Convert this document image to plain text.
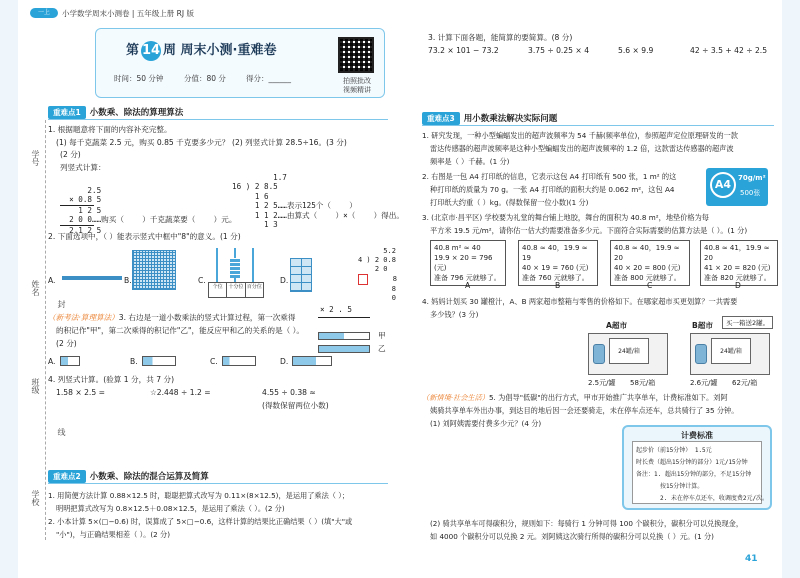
一上	小学数学周末小测卷 | 五年级上册 RJ 版
学号
姓名
封
班级
线
学校
第 14 周 周末小测·重难卷
时间：50 分钟	分值：80 分	得分：______	拍照批改
视频精讲
重难点1 小数乘、除法的算理算法
1. 根据题意将下面的内容补充完整。
(1) 每千克蔬菜 2.5 元，购买 0.85 千克要多少元？
(2 分)
列竖式计算：

2.5
× 0.8 5
1 2 5
2 0 0……购买（    ）千克蔬菜要（    ）元。
2.1 2 5

(2) 列竖式计算 28.5÷16。(3 分)

1.7
16 ) 2 8.5
1 6
1 2 5……表示125个（    ）
1 1 2……由算式（    ）×（    ）得出。
1 3

2. 下面选项中，（ ）能表示竖式中框中"8"的意义。(1 分)

5.2
4 ) 2 0.8
2 0
8
8
0

A.	B.	C.
个位	十分位 百分位
D.
（新考法·算理算法）3. 右边是一道小数乘法的竖式计算过程，第一次乘得
的积记作"甲"，第二次乘得的积记作"乙"，能反应甲和乙的关系的是（ ）。
(2 分)
× 2 . 5
甲
乙
A.	B.	C.	D.
4. 列竖式计算。(验算 1 分，共 7 分)
1.58 × 2.5 =	☆2.448 ÷ 1.2 =	4.55 ÷ 0.38 ≈
(得数保留两位小数)
重难点2 小数乘、除法的混合运算及简算
1. 用简便方法计算 0.88×12.5 时，聪聪把算式改写为 0.11×(8×12.5)，是运用了乘法（ ）；
明明把算式改写为 0.8×12.5＋0.08×12.5，是运用了乘法（ ）。(2 分)
2. 小本计算 5×(□−0.6) 时，误算成了 5×□−0.6，这样计算的结果比正确结果（ ）(填"大"或
"小")，与正确结果相差（ ）。(2 分)
3. 计算下面各题，能简算的要简算。(8 分)
73.2 × 101 − 73.2	3.75 ÷ 0.25 × 4	5.6 × 9.9	42 ÷ 3.5 + 42 ÷ 2.5
重难点3 用小数乘法解决实际问题
1. 研究发现，一种小型蝙蝠发出的超声波频率为 54 千赫(频率单位)，参照超声定位原理研发的一款
雷达传感器的超声波频率是这种小型蝙蝠发出的超声波频率的 1.2 倍，这款雷达传感器的超声波
频率是（ ）千赫。(1 分)
2. 右图是一包 A4 打印纸的信息，它表示这包 A4 打印纸有 500 张，1 m² 的这
种打印纸的质量为 70 g。一张 A4 打印纸的面积大约是 0.062 m²，这包 A4
打印纸大约重（ ）kg。(得数保留一位小数)(1 分)
A4 70g/m²
500张
3. (北京市·昌平区) 学校要为礼堂的舞台铺上地胶，舞台的面积为 40.8 m²，地垫价格为每
平方米 19.5 元/m²，请你估一估大约需要准备多少元。下面符合实际需要的估算方法是（ ）。(1 分)
40.8 m² ≈ 40
19.9 × 20 = 796 (元)
准备 796 元就够了。
A
40.8 ≈ 40，19.9 ≈ 19
40 × 19 = 760 (元)
准备 760 元就够了。
B
40.8 ≈ 40，19.9 ≈ 20
40 × 20 = 800 (元)
准备 800 元就够了。
C
40.8 ≈ 41，19.9 ≈ 20
41 × 20 = 820 (元)
准备 820 元就够了。
D
4. 妈妈计划买 30 罐橙汁，A、B 两家超市整箱与零售的价格如下。在哪家超市买更划算？一共需要
多少钱？(3 分)
A超市
24罐/箱
2.5元/罐 58元/箱
B超市	买一箱送2罐。
24罐/箱
2.6元/罐 62元/箱
（新情境·社会生活）5. 为倡导"低碳"的出行方式，甲市开始推广共享单车，计费标准如下。刘阿
姨骑共享单车外出办事，到达目的地后因一会还要骑走，未在停车点还车，总共骑行了 35 分钟。
(1) 刘阿姨需要付费多少元？(4 分)
计费标准
起步价（前15分钟） 1.5元
时长费（超出15分钟的部分）1元/15分钟
备注：1. 超出15分钟的部分，不足15分钟
按15分钟计算。
2. 未在停车点还车，收调度费2元/次。
(2) 骑共享单车可得碳积分，规则如下：每骑行 1 分钟可得 100 个碳积分，碳积分可以兑换现金，
如 4000 个碳积分可以兑换 2 元。刘阿姨这次骑行所得的碳积分可以兑换（ ）元。(1 分)
41
